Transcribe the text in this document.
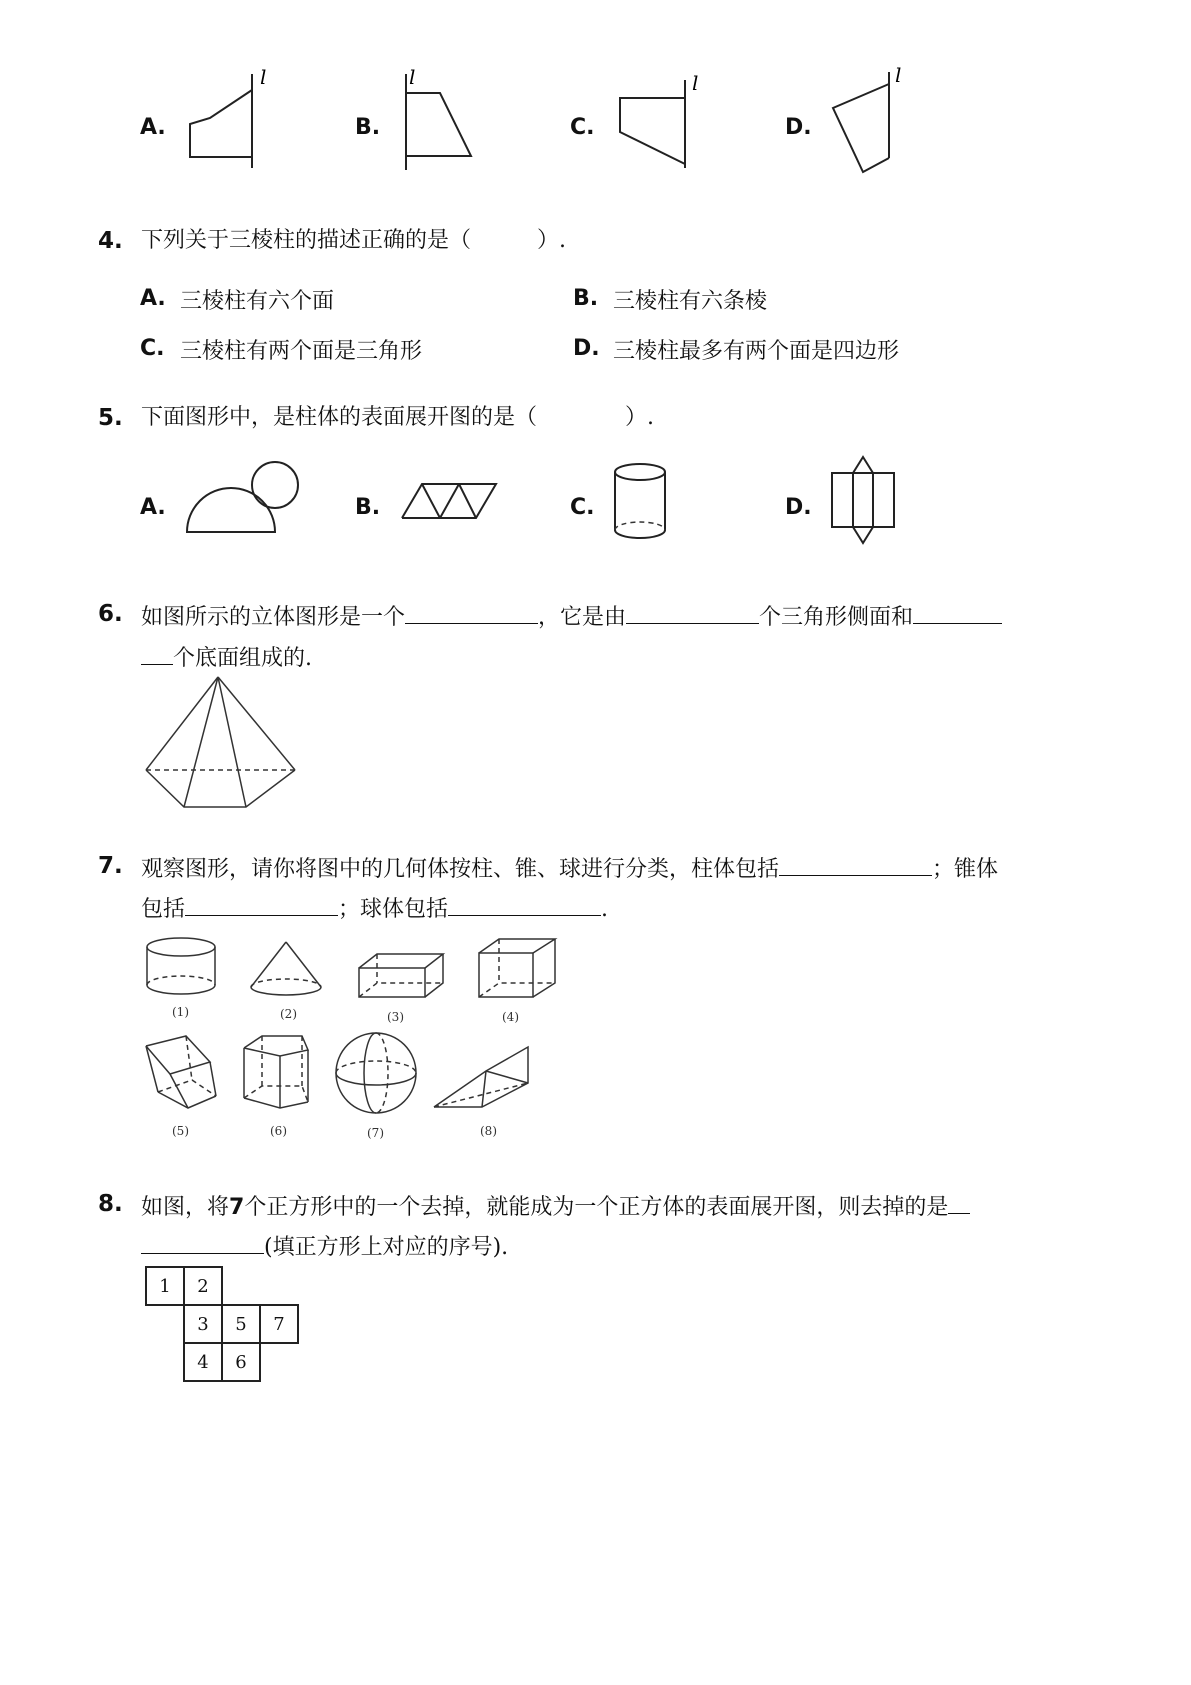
A.
l
B.
l
C.
l
D.
l
4. 下列关于三棱柱的描述正确的是（　　　）.
A. 三棱柱有六个面	B. 三棱柱有六条棱
C. 三棱柱有两个面是三角形	D. 三棱柱最多有两个面是四边形
5. 下面图形中，是柱体的表面展开图的是（　　　　）.
A.	B.	C.	D.
6. 如图所示的立体图形是一个	，它是由	个三角形侧面和
个底面组成的.
7. 观察图形，请你将图中的几何体按柱、锥、球进行分类，柱体包括	；锥体
包括	；球体包括	.
(1)	(2)	(3)	(4)
(5)	(6)	(7)	(8)
8. 如图，将7个正方形中的一个去掉，就能成为一个正方体的表面展开图，则去掉的是
(填正方形上对应的序号).
1	2
3	5	7
4	6
